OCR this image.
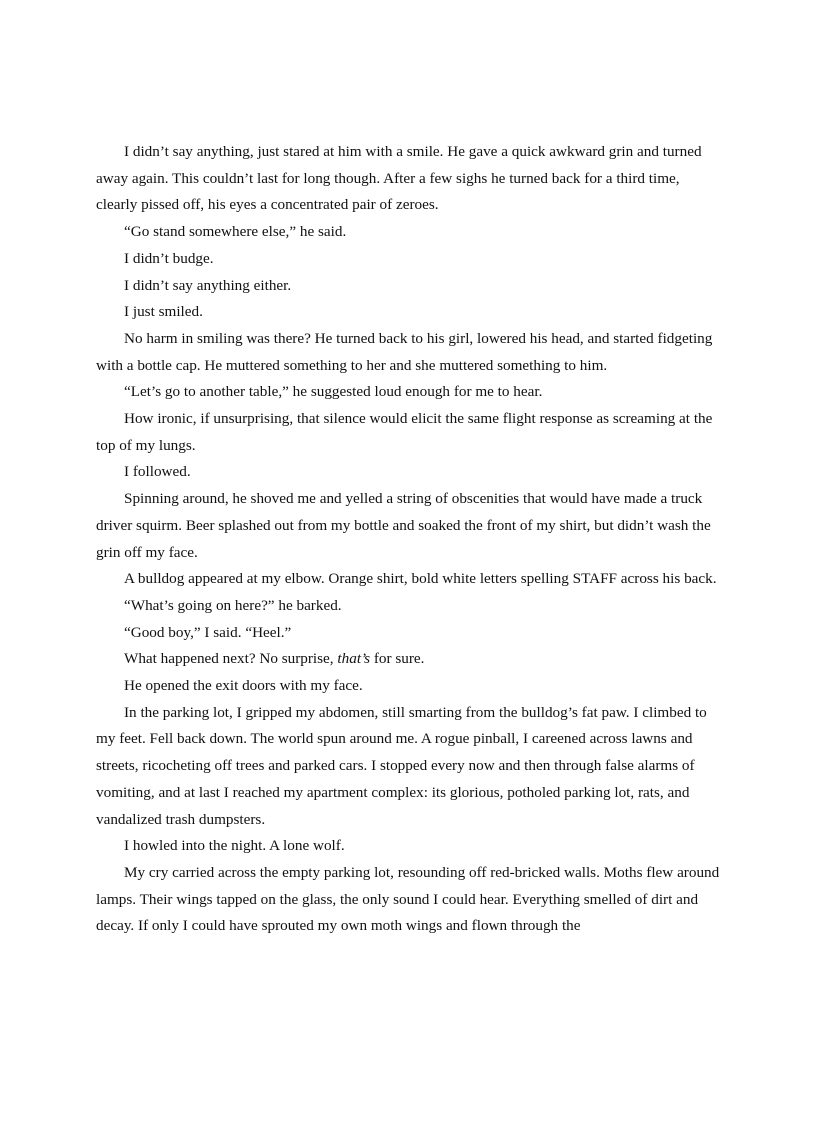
I didn’t say anything, just stared at him with a smile. He gave a quick awkward grin and turned away again. This couldn’t last for long though. After a few sighs he turned back for a third time, clearly pissed off, his eyes a concentrated pair of zeroes.

“Go stand somewhere else,” he said.

I didn’t budge.

I didn’t say anything either.

I just smiled.

No harm in smiling was there? He turned back to his girl, lowered his head, and started fidgeting with a bottle cap. He muttered something to her and she muttered something to him.

“Let’s go to another table,” he suggested loud enough for me to hear.

How ironic, if unsurprising, that silence would elicit the same flight response as screaming at the top of my lungs.

I followed.

Spinning around, he shoved me and yelled a string of obscenities that would have made a truck driver squirm. Beer splashed out from my bottle and soaked the front of my shirt, but didn’t wash the grin off my face.

A bulldog appeared at my elbow. Orange shirt, bold white letters spelling STAFF across his back.

“What’s going on here?” he barked.

“Good boy,” I said. “Heel.”

What happened next? No surprise, that’s for sure.

He opened the exit doors with my face.

In the parking lot, I gripped my abdomen, still smarting from the bulldog’s fat paw. I climbed to my feet. Fell back down. The world spun around me. A rogue pinball, I careened across lawns and streets, ricocheting off trees and parked cars. I stopped every now and then through false alarms of vomiting, and at last I reached my apartment complex: its glorious, potholed parking lot, rats, and vandalized trash dumpsters.

I howled into the night. A lone wolf.

My cry carried across the empty parking lot, resounding off red-bricked walls. Moths flew around lamps. Their wings tapped on the glass, the only sound I could hear. Everything smelled of dirt and decay. If only I could have sprouted my own moth wings and flown through the
